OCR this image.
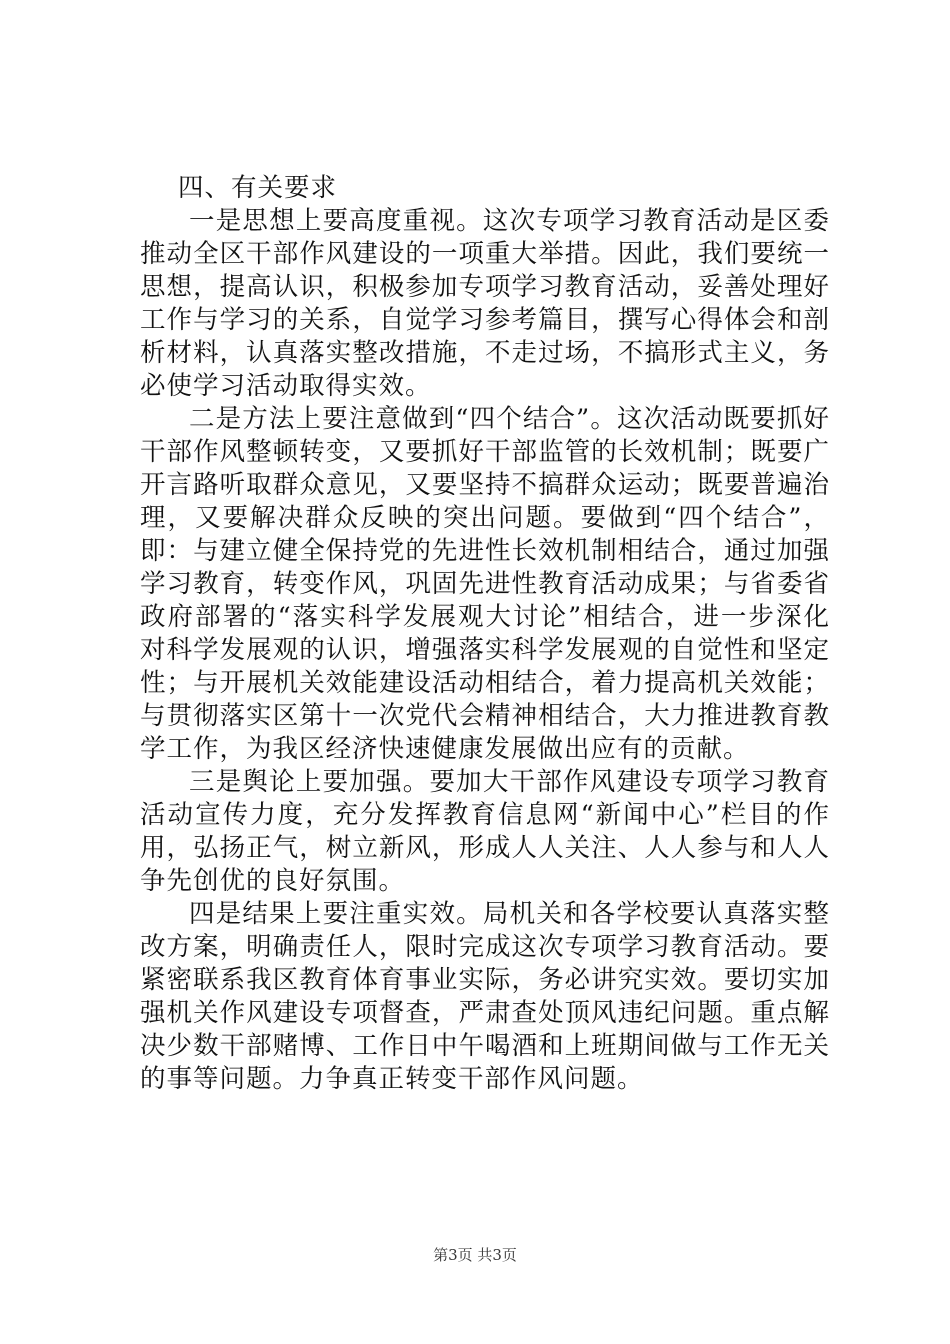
四、有关要求

一是思想上要高度重视。这次专项学习教育活动是区委推动全区干部作风建设的一项重大举措。因此，我们要统一思想，提高认识，积极参加专项学习教育活动，妥善处理好工作与学习的关系，自觉学习参考篇目，撰写心得体会和剖析材料，认真落实整改措施，不走过场，不搞形式主义，务必使学习活动取得实效。

二是方法上要注意做到“四个结合”。这次活动既要抓好干部作风整顿转变，又要抓好干部监管的长效机制；既要广开言路听取群众意见，又要坚持不搞群众运动；既要普遍治理，又要解决群众反映的突出问题。要做到“四个结合”，即：与建立健全保持党的先进性长效机制相结合，通过加强学习教育，转变作风，巩固先进性教育活动成果；与省委省政府部署的“落实科学发展观大讨论”相结合，进一步深化对科学发展观的认识，增强落实科学发展观的自觉性和坚定性；与开展机关效能建设活动相结合，着力提高机关效能；与贯彻落实区第十一次党代会精神相结合，大力推进教育教学工作，为我区经济快速健康发展做出应有的贡献。

三是舆论上要加强。要加大干部作风建设专项学习教育活动宣传力度，充分发挥教育信息网“新闻中心”栏目的作用，弘扬正气，树立新风，形成人人关注、人人参与和人人争先创优的良好氛围。

四是结果上要注重实效。局机关和各学校要认真落实整改方案，明确责任人，限时完成这次专项学习教育活动。要紧密联系我区教育体育事业实际，务必讲究实效。要切实加强机关作风建设专项督查，严肃查处顶风违纪问题。重点解决少数干部赌博、工作日中午喝酒和上班期间做与工作无关的事等问题。力争真正转变干部作风问题。

第3页 共3页
